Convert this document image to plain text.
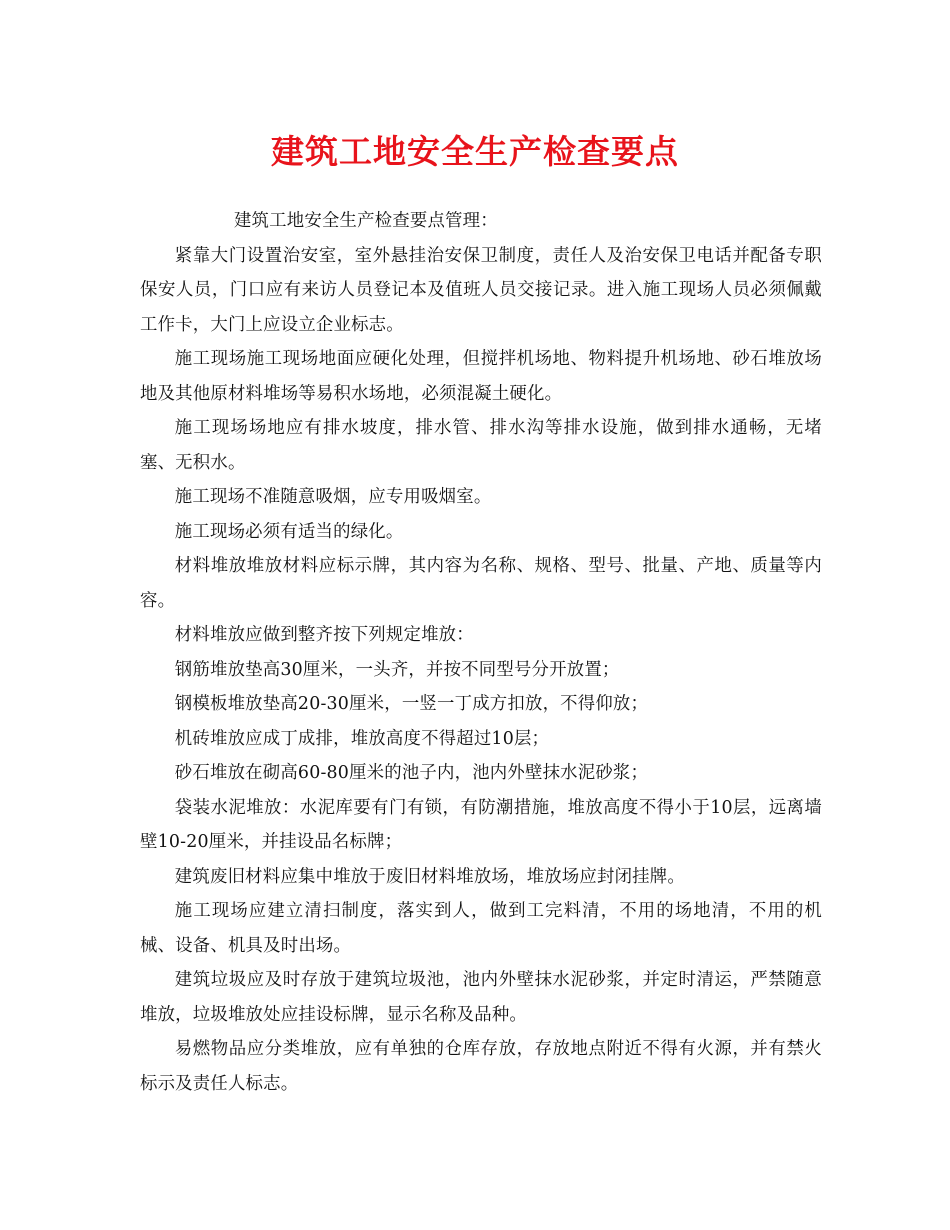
建筑工地安全生产检查要点

建筑工地安全生产检查要点管理：

紧靠大门设置治安室，室外悬挂治安保卫制度，责任人及治安保卫电话并配备专职保安人员，门口应有来访人员登记本及值班人员交接记录。进入施工现场人员必须佩戴工作卡，大门上应设立企业标志。

施工现场施工现场地面应硬化处理，但搅拌机场地、物料提升机场地、砂石堆放场地及其他原材料堆场等易积水场地，必须混凝土硬化。

施工现场场地应有排水坡度，排水管、排水沟等排水设施，做到排水通畅，无堵塞、无积水。

施工现场不准随意吸烟，应专用吸烟室。

施工现场必须有适当的绿化。

材料堆放堆放材料应标示牌，其内容为名称、规格、型号、批量、产地、质量等内容。

材料堆放应做到整齐按下列规定堆放：

钢筋堆放垫高30厘米，一头齐，并按不同型号分开放置；

钢模板堆放垫高20-30厘米，一竖一丁成方扣放，不得仰放；

机砖堆放应成丁成排，堆放高度不得超过10层；

砂石堆放在砌高60-80厘米的池子内，池内外壁抹水泥砂浆；

袋装水泥堆放：水泥库要有门有锁，有防潮措施，堆放高度不得小于10层，远离墙壁10-20厘米，并挂设品名标牌；

建筑废旧材料应集中堆放于废旧材料堆放场，堆放场应封闭挂牌。

施工现场应建立清扫制度，落实到人，做到工完料清，不用的场地清，不用的机械、设备、机具及时出场。

建筑垃圾应及时存放于建筑垃圾池，池内外壁抹水泥砂浆，并定时清运，严禁随意堆放，垃圾堆放处应挂设标牌，显示名称及品种。

易燃物品应分类堆放，应有单独的仓库存放，存放地点附近不得有火源，并有禁火标示及责任人标志。
